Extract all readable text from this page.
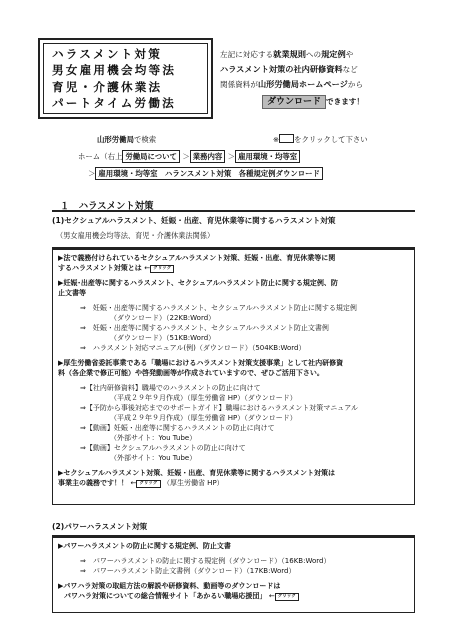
ハラスメント対策
男女雇用機会均等法
育児・介護休業法
パートタイム労働法
左記に対応する就業規則への規定例や
ハラスメント対策の社内研修資料など
関係資料が山形労働局ホームページから
ダウンロード できます！
山形労働局で検索	※ をクリックして下さい
ホーム（右上 労働局について ＞ 業務内容 ＞ 雇用環境・均等室
＞ 雇用環境・均等室　ハランスメント対策　各種規定例ダウンロード
１　ハラスメント対策
(1)セクシュアルハラスメント、妊娠・出産、育児休業等に関するハラスメント対策
（男女雇用機会均等法、育児・介護休業法関係）
▶法で義務付けられているセクシュアルハラスメント対策、妊娠・出産、育児休業等に関
するハラスメント対策とは ← クリック
▶妊娠･出産等に関するハラスメント、セクシュアルハラスメント防止に関する規定例、防
止文書等
⇒　妊娠・出産等に関するハラスメント、セクシュアルハラスメント防止に関する規定例
（ダウンロード）（22KB:Word）
⇒　妊娠・出産等に関するハラスメント、セクシュアルハラスメント防止文書例
（ダウンロード）（51KB:Word）
⇒　ハラスメント対応マニュアル(例)（ダウンロード）（504KB:Word）
▶厚生労働省委託事業である「職場におけるハラスメント対策支援事業」として社内研修資
料（各企業で修正可能）や啓発動画等が作成されていますので、ぜひご活用下さい。
⇒【社内研修資料】職場でのハラスメントの防止に向けて
（平成２９年９月作成）（厚生労働省 HP）（ダウンロード）
⇒【予防から事後対応までのサポートガイド】職場におけるハラスメント対策マニュアル
（平成２９年９月作成）（厚生労働省 HP）（ダウンロード）
⇒【動画】妊娠・出産等に関するハラスメントの防止に向けて
（外部サイト：You Tube）
⇒【動画】セクシュアルハラスメントの防止に向けて
（外部サイト：You Tube）
▶セクシュアルハラスメント対策、妊娠・出産、育児休業等に関するハラスメント対策は
事業主の義務です！！ ← クリック （厚生労働省 HP）
(2)パワーハラスメント対策
▶パワーハラスメントの防止に関する規定例、防止文書
⇒　パワーハラスメントの防止に関する規定例（ダウンロード）（16KB:Word）
⇒　パワーハラスメント防止文書例（ダウンロード）（17KB:Word）
▶パワハラ対策の取組方法の解説や研修資料、動画等のダウンロードは
パワハラ対策についての総合情報サイト「あかるい職場応援団」 ← クリック
